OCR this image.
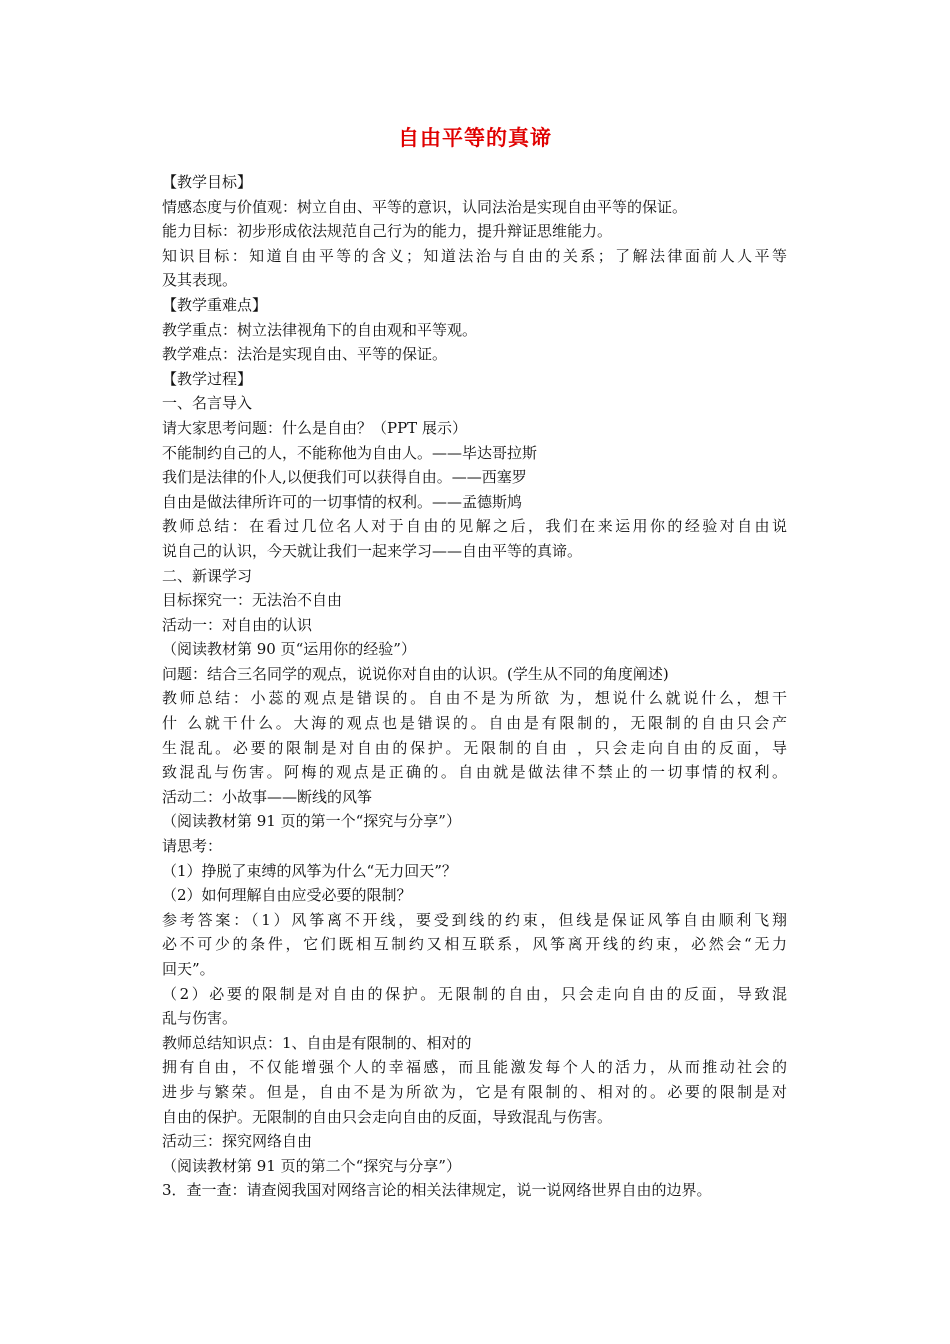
自由平等的真谛
【教学目标】
情感态度与价值观：树立自由、平等的意识，认同法治是实现自由平等的保证。
能力目标：初步形成依法规范自己行为的能力，提升辩证思维能力。
知识目标：知道自由平等的含义；知道法治与自由的关系；了解法律面前人人平等
及其表现。
【教学重难点】
教学重点：树立法律视角下的自由观和平等观。
教学难点：法治是实现自由、平等的保证。
【教学过程】
一、名言导入
请大家思考问题：什么是自由？（PPT 展示）
不能制约自己的人，不能称他为自由人。——毕达哥拉斯
我们是法律的仆人,以便我们可以获得自由。——西塞罗
自由是做法律所许可的一切事情的权利。——孟德斯鸠
教师总结：在看过几位名人对于自由的见解之后，我们在来运用你的经验对自由说
说自己的认识，今天就让我们一起来学习——自由平等的真谛。
二、新课学习
目标探究一：无法治不自由
活动一：对自由的认识
（阅读教材第 90 页“运用你的经验”）
问题：结合三名同学的观点，说说你对自由的认识。(学生从不同的角度阐述)
教师总结：小蕊的观点是错误的。自由不是为所欲 为，想说什么就说什么，想干
什 么就干什么。大海的观点也是错误的。自由是有限制的，无限制的自由只会产
生混乱。必要的限制是对自由的保护。无限制的自由 ，只会走向自由的反面，导
致混乱与伤害。阿梅的观点是正确的。自由就是做法律不禁止的一切事情的权利。
活动二：小故事——断线的风筝
（阅读教材第 91 页的第一个“探究与分享”）
请思考：
（1）挣脱了束缚的风筝为什么“无力回天”？
（2）如何理解自由应受必要的限制？
参考答案：（1）风筝离不开线，要受到线的约束，但线是保证风筝自由顺利飞翔
必不可少的条件，它们既相互制约又相互联系，风筝离开线的约束，必然会“无力
回天”。
（2）必要的限制是对自由的保护。无限制的自由，只会走向自由的反面，导致混
乱与伤害。
教师总结知识点：1、自由是有限制的、相对的
拥有自由，不仅能增强个人的幸福感，而且能激发每个人的活力，从而推动社会的
进步与繁荣。但是，自由不是为所欲为，它是有限制的、相对的。必要的限制是对
自由的保护。无限制的自由只会走向自由的反面，导致混乱与伤害。
活动三：探究网络自由
（阅读教材第 91 页的第二个“探究与分享”）
3．查一查：请查阅我国对网络言论的相关法律规定，说一说网络世界自由的边界。
